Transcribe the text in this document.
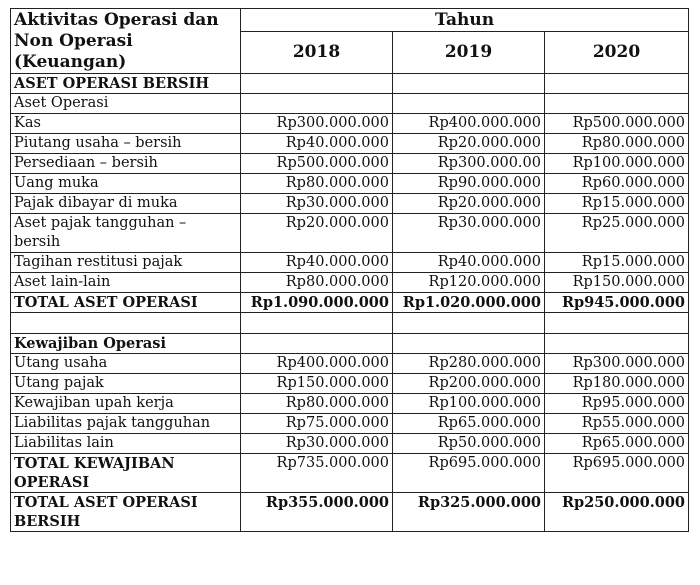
Aktivitas Operasi dan Non Operasi (Keuangan)	Tahun		
	2018	2019	2020
ASET OPERASI BERSIH			
Aset Operasi			
Kas	Rp300.000.000	Rp400.000.000	Rp500.000.000
Piutang usaha – bersih	Rp40.000.000	Rp20.000.000	Rp80.000.000
Persediaan – bersih	Rp500.000.000	Rp300.000.00	Rp100.000.000
Uang muka	Rp80.000.000	Rp90.000.000	Rp60.000.000
Pajak dibayar di muka	Rp30.000.000	Rp20.000.000	Rp15.000.000
Aset pajak tangguhan – bersih	Rp20.000.000	Rp30.000.000	Rp25.000.000
Tagihan restitusi pajak	Rp40.000.000	Rp40.000.000	Rp15.000.000
Aset lain-lain	Rp80.000.000	Rp120.000.000	Rp150.000.000
TOTAL ASET OPERASI	Rp1.090.000.000	Rp1.020.000.000	Rp945.000.000

Kewajiban Operasi			
Utang usaha	Rp400.000.000	Rp280.000.000	Rp300.000.000
Utang pajak	Rp150.000.000	Rp200.000.000	Rp180.000.000
Kewajiban upah kerja	Rp80.000.000	Rp100.000.000	Rp95.000.000
Liabilitas pajak tangguhan	Rp75.000.000	Rp65.000.000	Rp55.000.000
Liabilitas lain	Rp30.000.000	Rp50.000.000	Rp65.000.000
TOTAL KEWAJIBAN OPERASI	Rp735.000.000	Rp695.000.000	Rp695.000.000
TOTAL ASET OPERASI BERSIH	Rp355.000.000	Rp325.000.000	Rp250.000.000
